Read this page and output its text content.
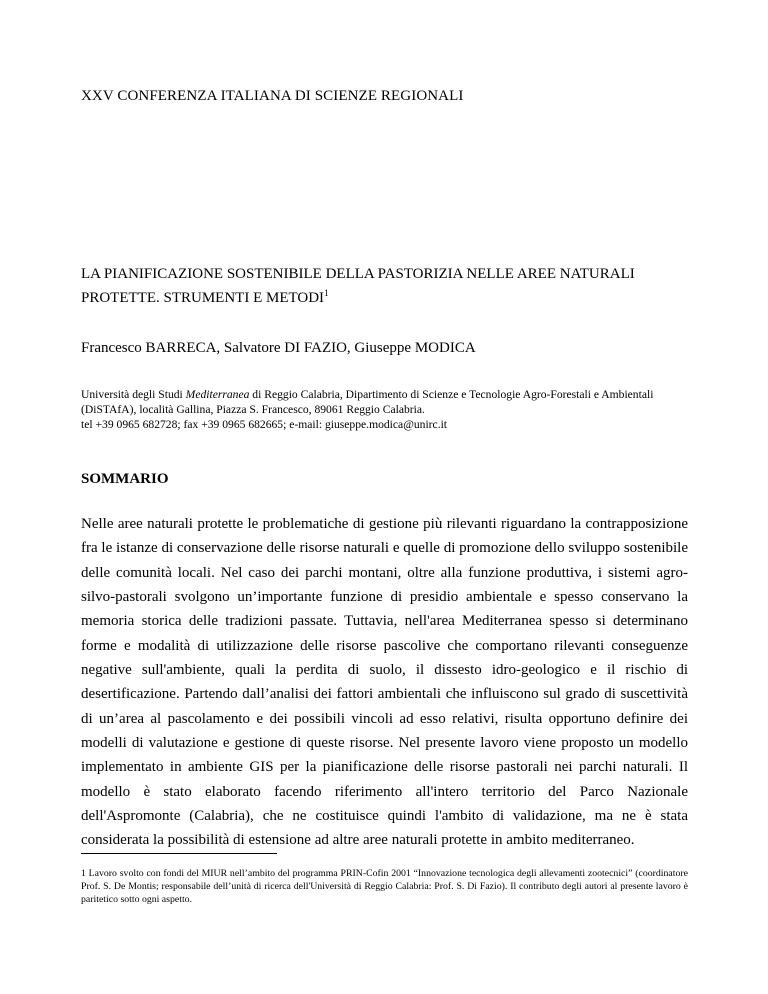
XXV CONFERENZA ITALIANA DI SCIENZE REGIONALI
LA PIANIFICAZIONE SOSTENIBILE DELLA PASTORIZIA NELLE AREE NATURALI PROTETTE. STRUMENTI E METODI$^1$
Francesco BARRECA, Salvatore DI FAZIO, Giuseppe MODICA
Università degli Studi Mediterranea di Reggio Calabria, Dipartimento di Scienze e Tecnologie Agro-Forestali e Ambientali (DiSTAfA), località Gallina, Piazza S. Francesco, 89061 Reggio Calabria.
tel +39 0965 682728; fax +39 0965 682665; e-mail: giuseppe.modica@unirc.it
SOMMARIO
Nelle aree naturali protette le problematiche di gestione più rilevanti riguardano la contrapposizione fra le istanze di conservazione delle risorse naturali e quelle di promozione dello sviluppo sostenibile delle comunità locali. Nel caso dei parchi montani, oltre alla funzione produttiva, i sistemi agro-silvo-pastorali svolgono un’importante funzione di presidio ambientale e spesso conservano la memoria storica delle tradizioni passate. Tuttavia, nell'area Mediterranea spesso si determinano forme e modalità di utilizzazione delle risorse pascolive che comportano rilevanti conseguenze negative sull'ambiente, quali la perdita di suolo, il dissesto idro-geologico e il rischio di desertificazione. Partendo dall’analisi dei fattori ambientali che influiscono sul grado di suscettività di un’area al pascolamento e dei possibili vincoli ad esso relativi, risulta opportuno definire dei modelli di valutazione e gestione di queste risorse. Nel presente lavoro viene proposto un modello implementato in ambiente GIS per la pianificazione delle risorse pastorali nei parchi naturali. Il modello è stato elaborato facendo riferimento all'intero territorio del Parco Nazionale dell'Aspromonte (Calabria), che ne costituisce quindi l'ambito di validazione, ma ne è stata considerata la possibilità di estensione ad altre aree naturali protette in ambito mediterraneo.
1 Lavoro svolto con fondi del MIUR nell’ambito del programma PRIN-Cofin 2001 “Innovazione tecnologica degli allevamenti zootecnici” (coordinatore Prof. S. De Montis; responsabile dell’unità di ricerca dell'Università di Reggio Calabria: Prof. S. Di Fazio). Il contributo degli autori al presente lavoro è paritetico sotto ogni aspetto.
